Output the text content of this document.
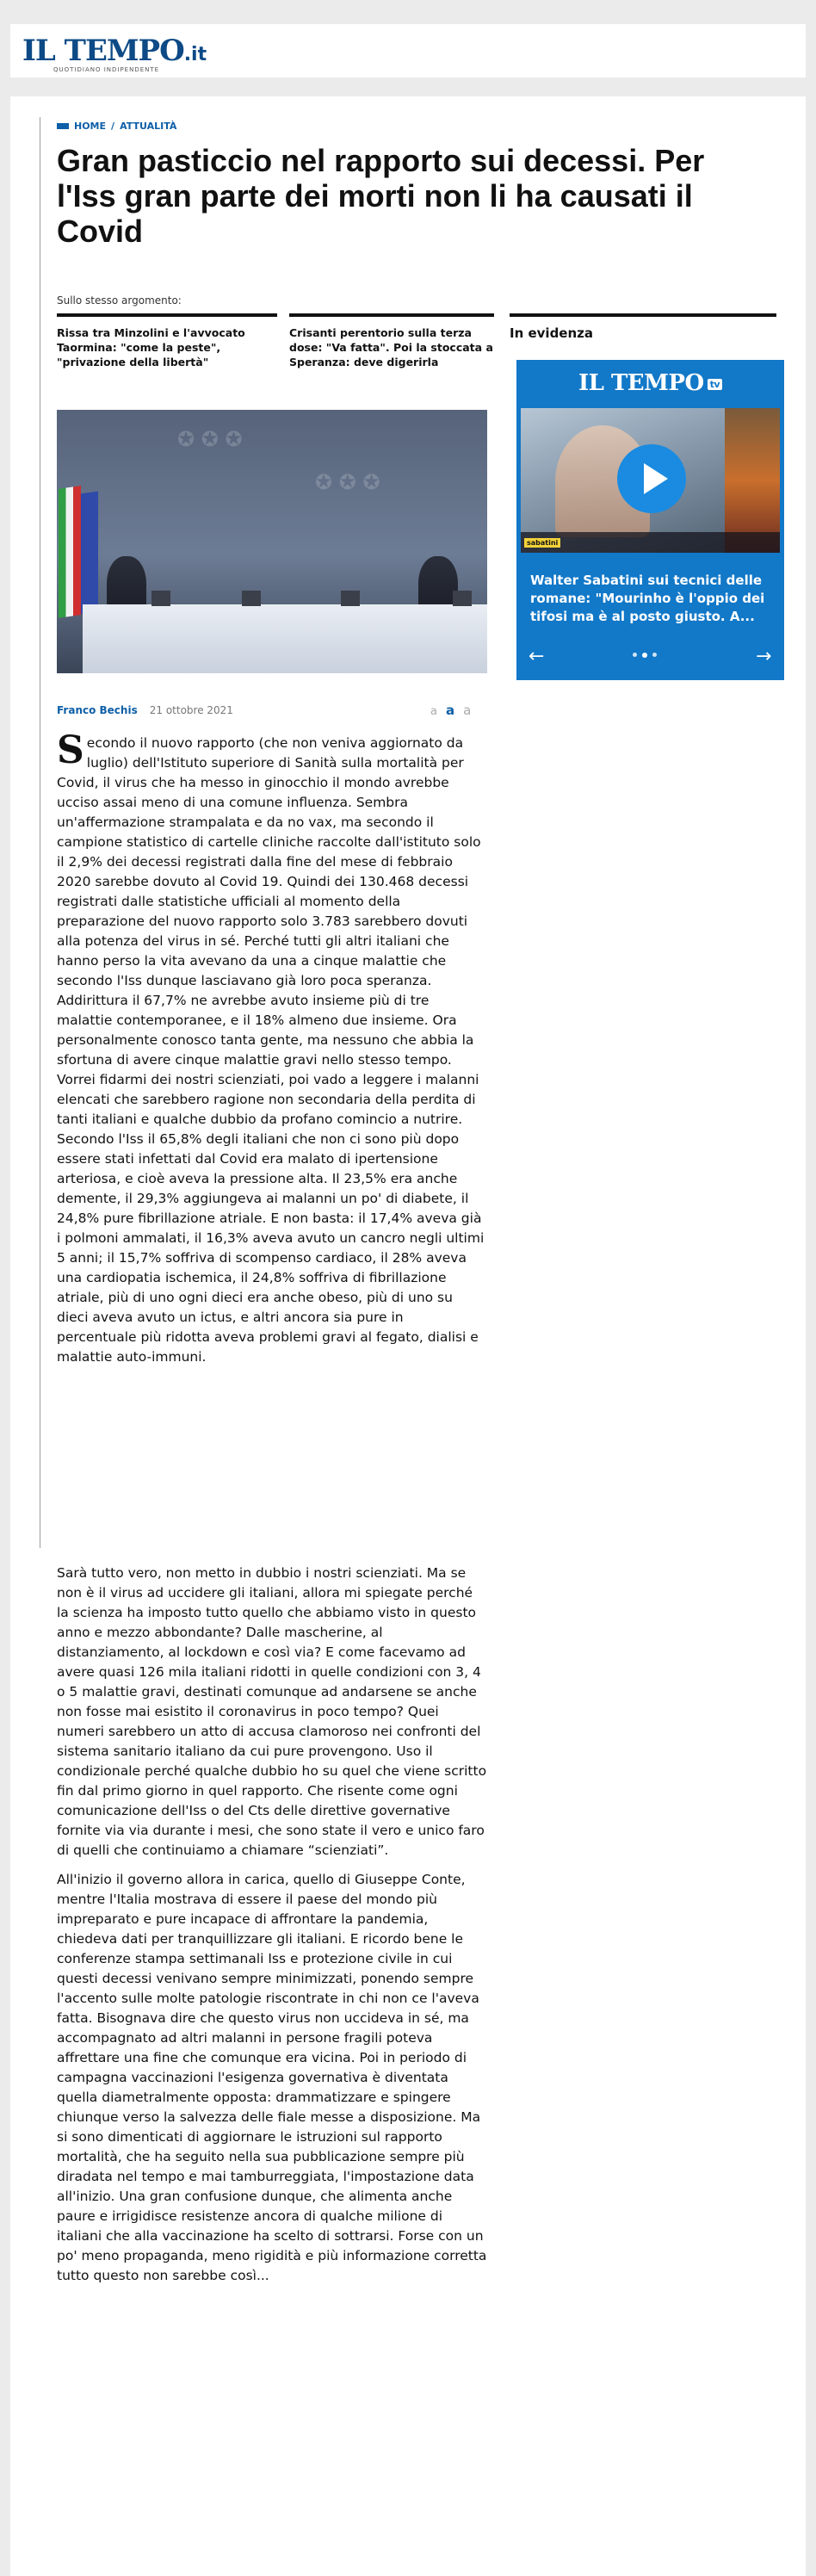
IL TEMPO.it
QUOTIDIANO INDIPENDENTE
HOME / ATTUALITÀ
Gran pasticcio nel rapporto sui decessi. Per l'Iss gran parte dei morti non li ha causati il Covid
Sullo stesso argomento:
Rissa tra Minzolini e l'avvocato Taormina: "come la peste", "privazione della libertà"
Crisanti perentorio sulla terza dose: "Va fatta". Poi la stoccata a Speranza: deve digerirla
In evidenza
IL TEMPO tv
sabatini
Walter Sabatini sui tecnici delle romane: "Mourinho è l'oppio dei tifosi ma è al posto giusto. A...
←	→
✪ ✪ ✪
✪ ✪ ✪
Franco Bechis 21 ottobre 2021	a a a

Secondo il nuovo rapporto (che non veniva aggiornato da luglio) dell'Istituto superiore di Sanità sulla mortalità per Covid, il virus che ha messo in ginocchio il mondo avrebbe ucciso assai meno di una comune influenza. Sembra un'affermazione strampalata e da no vax, ma secondo il campione statistico di cartelle cliniche raccolte dall'istituto solo il 2,9% dei decessi registrati dalla fine del mese di febbraio 2020 sarebbe dovuto al Covid 19. Quindi dei 130.468 decessi registrati dalle statistiche ufficiali al momento della preparazione del nuovo rapporto solo 3.783 sarebbero dovuti alla potenza del virus in sé. Perché tutti gli altri italiani che hanno perso la vita avevano da una a cinque malattie che secondo l'Iss dunque lasciavano già loro poca speranza. Addirittura il 67,7% ne avrebbe avuto insieme più di tre malattie contemporanee, e il 18% almeno due insieme. Ora personalmente conosco tanta gente, ma nessuno che abbia la sfortuna di avere cinque malattie gravi nello stesso tempo. Vorrei fidarmi dei nostri scienziati, poi vado a leggere i malanni elencati che sarebbero ragione non secondaria della perdita di tanti italiani e qualche dubbio da profano comincio a nutrire. Secondo l'Iss il 65,8% degli italiani che non ci sono più dopo essere stati infettati dal Covid era malato di ipertensione arteriosa, e cioè aveva la pressione alta. Il 23,5% era anche demente, il 29,3% aggiungeva ai malanni un po' di diabete, il 24,8% pure fibrillazione atriale. E non basta: il 17,4% aveva già i polmoni ammalati, il 16,3% aveva avuto un cancro negli ultimi 5 anni; il 15,7% soffriva di scompenso cardiaco, il 28% aveva una cardiopatia ischemica, il 24,8% soffriva di fibrillazione atriale, più di uno ogni dieci era anche obeso, più di uno su dieci aveva avuto un ictus, e altri ancora sia pure in percentuale più ridotta aveva problemi gravi al fegato, dialisi e malattie auto-immuni.

Sarà tutto vero, non metto in dubbio i nostri scienziati. Ma se non è il virus ad uccidere gli italiani, allora mi spiegate perché la scienza ha imposto tutto quello che abbiamo visto in questo anno e mezzo abbondante? Dalle mascherine, al distanziamento, al lockdown e così via? E come facevamo ad avere quasi 126 mila italiani ridotti in quelle condizioni con 3, 4 o 5 malattie gravi, destinati comunque ad andarsene se anche non fosse mai esistito il coronavirus in poco tempo? Quei numeri sarebbero un atto di accusa clamoroso nei confronti del sistema sanitario italiano da cui pure provengono. Uso il condizionale perché qualche dubbio ho su quel che viene scritto fin dal primo giorno in quel rapporto. Che risente come ogni comunicazione dell'Iss o del Cts delle direttive governative fornite via via durante i mesi, che sono state il vero e unico faro di quelli che continuiamo a chiamare “scienziati”.

All'inizio il governo allora in carica, quello di Giuseppe Conte, mentre l'Italia mostrava di essere il paese del mondo più impreparato e pure incapace di affrontare la pandemia, chiedeva dati per tranquillizzare gli italiani. E ricordo bene le conferenze stampa settimanali Iss e protezione civile in cui questi decessi venivano sempre minimizzati, ponendo sempre l'accento sulle molte patologie riscontrate in chi non ce l'aveva fatta. Bisognava dire che questo virus non uccideva in sé, ma accompagnato ad altri malanni in persone fragili poteva affrettare una fine che comunque era vicina. Poi in periodo di campagna vaccinazioni l'esigenza governativa è diventata quella diametralmente opposta: drammatizzare e spingere chiunque verso la salvezza delle fiale messe a disposizione. Ma si sono dimenticati di aggiornare le istruzioni sul rapporto mortalità, che ha seguito nella sua pubblicazione sempre più diradata nel tempo e mai tamburreggiata, l'impostazione data all'inizio. Una gran confusione dunque, che alimenta anche paure e irrigidisce resistenze ancora di qualche milione di italiani che alla vaccinazione ha scelto di sottrarsi. Forse con un po' meno propaganda, meno rigidità e più informazione corretta tutto questo non sarebbe così...
